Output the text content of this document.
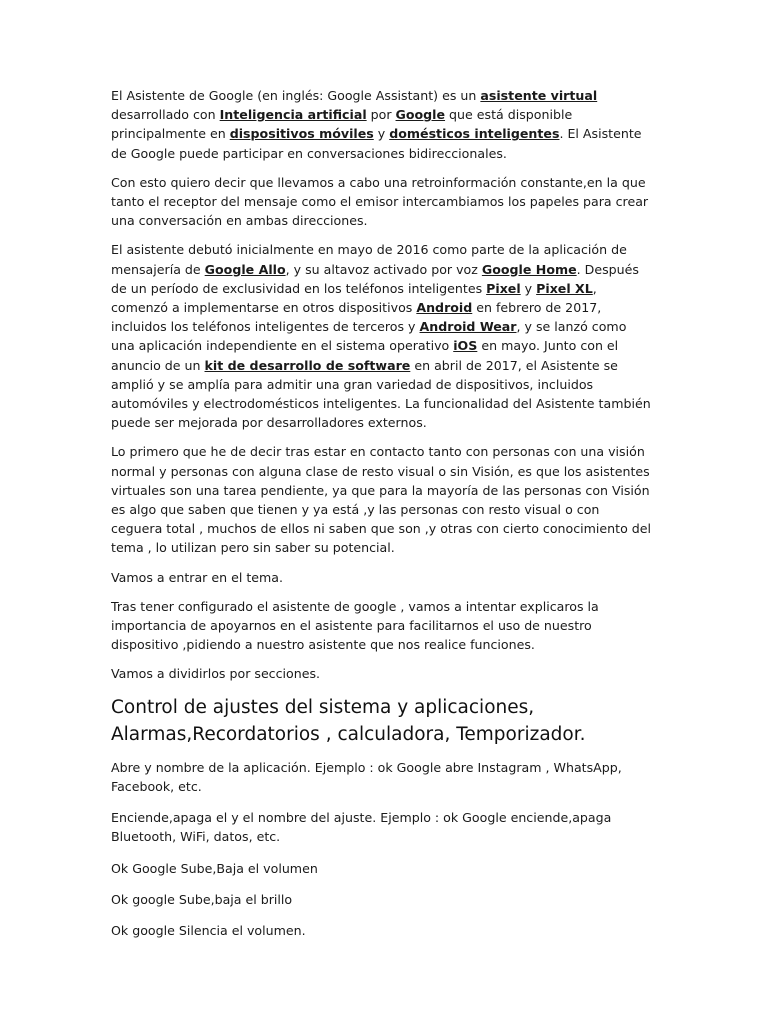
El Asistente de Google (en inglés: Google Assistant) es un asistente virtual desarrollado con Inteligencia artificial por Google que está disponible principalmente en dispositivos móviles y domésticos inteligentes. El Asistente de Google puede participar en conversaciones bidireccionales.

Con esto quiero decir que llevamos a cabo una retroinformación constante,en la que tanto el receptor del mensaje como el emisor intercambiamos los papeles para crear una conversación en ambas direcciones.

El asistente debutó inicialmente en mayo de 2016 como parte de la aplicación de mensajería de Google Allo, y su altavoz activado por voz Google Home. Después de un período de exclusividad en los teléfonos inteligentes Pixel y Pixel XL, comenzó a implementarse en otros dispositivos Android en febrero de 2017, incluidos los teléfonos inteligentes de terceros y Android Wear, y se lanzó como una aplicación independiente en el sistema operativo iOS en mayo. Junto con el anuncio de un kit de desarrollo de software en abril de 2017, el Asistente se amplió y se amplía para admitir una gran variedad de dispositivos, incluidos automóviles y electrodomésticos inteligentes. La funcionalidad del Asistente también puede ser mejorada por desarrolladores externos.

Lo primero que he de decir tras estar en contacto tanto con personas con una visión normal y personas con alguna clase de resto visual o sin Visión, es que los asistentes virtuales son una tarea pendiente, ya que para la mayoría de las personas con Visión es algo que saben que tienen y ya está ,y las personas con resto visual o con ceguera total , muchos de ellos ni saben que son ,y otras con cierto conocimiento del tema , lo utilizan pero sin saber su potencial.

Vamos a entrar en el tema.

Tras tener configurado el asistente de google , vamos a intentar explicaros la importancia de apoyarnos en el asistente para facilitarnos el uso de nuestro dispositivo ,pidiendo a nuestro asistente que nos realice funciones.

Vamos a dividirlos por secciones.

Control de ajustes del sistema y aplicaciones, Alarmas,Recordatorios , calculadora, Temporizador.

Abre y nombre de la aplicación. Ejemplo : ok Google abre Instagram , WhatsApp, Facebook, etc.

Enciende,apaga el y el nombre del ajuste. Ejemplo : ok Google enciende,apaga Bluetooth, WiFi, datos, etc.

Ok Google Sube,Baja el volumen

Ok google Sube,baja el brillo

Ok google Silencia el volumen.
